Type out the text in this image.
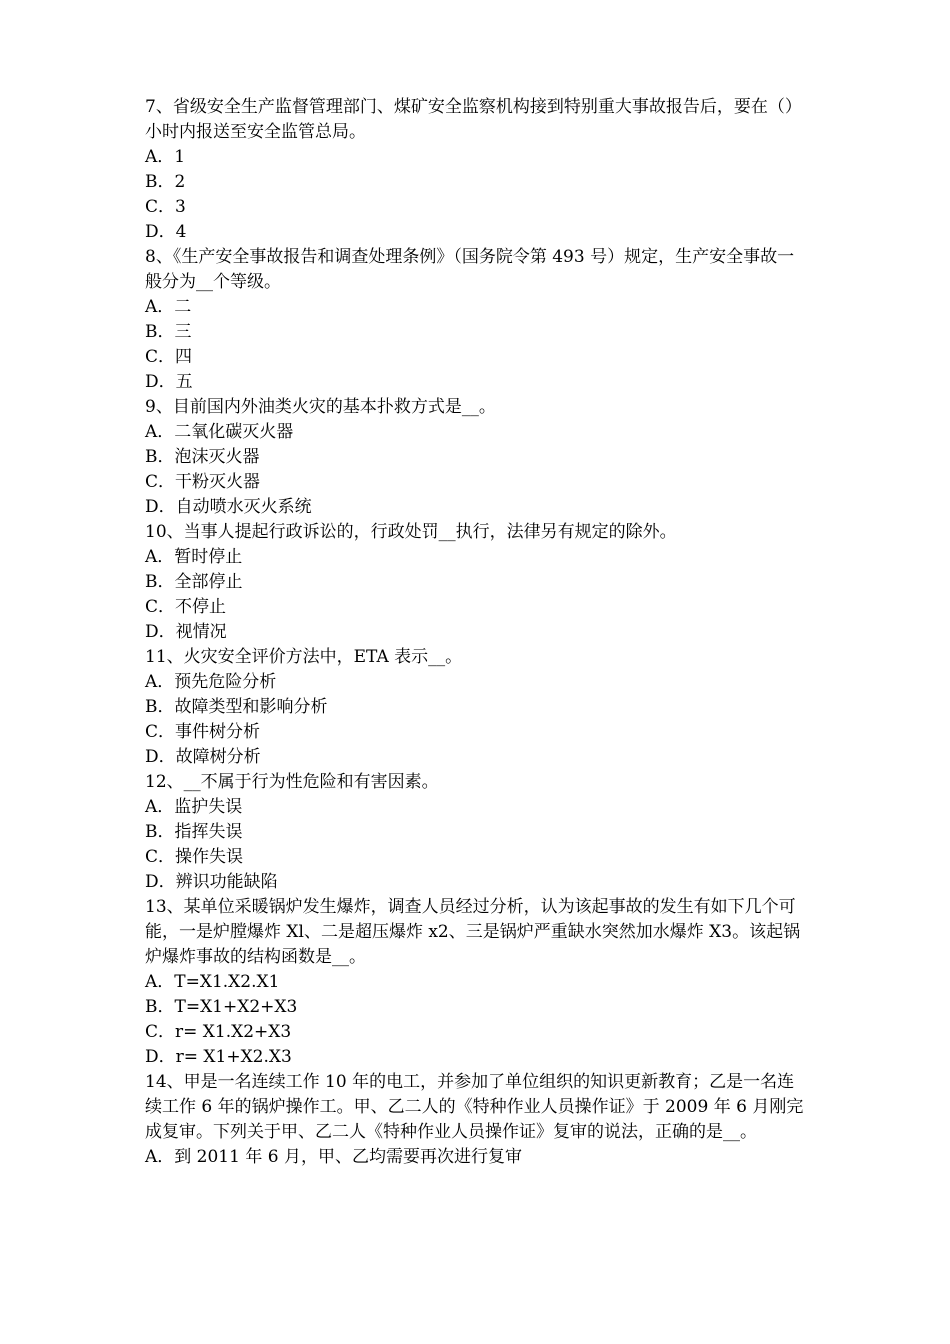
7、省级安全生产监督管理部门、煤矿安全监察机构接到特别重大事故报告后，要在（）小时内报送至安全监管总局。

A．1

B．2

C．3

D．4

8、《生产安全事故报告和调查处理条例》（国务院令第 493 号）规定，生产安全事故一般分为__个等级。

A．二

B．三

C．四

D．五

9、目前国内外油类火灾的基本扑救方式是__。

A．二氧化碳灭火器

B．泡沫灭火器

C．干粉灭火器

D．自动喷水灭火系统

10、当事人提起行政诉讼的，行政处罚__执行，法律另有规定的除外。

A．暂时停止

B．全部停止

C．不停止

D．视情况

11、火灾安全评价方法中，ETA 表示__。

A．预先危险分析

B．故障类型和影响分析

C．事件树分析

D．故障树分析

12、__不属于行为性危险和有害因素。

A．监护失误

B．指挥失误

C．操作失误

D．辨识功能缺陷

13、某单位采暖锅炉发生爆炸，调查人员经过分析，认为该起事故的发生有如下几个可能，一是炉膛爆炸 Xl、二是超压爆炸 x2、三是锅炉严重缺水突然加水爆炸 X3。该起锅炉爆炸事故的结构函数是__。

A．T=X1.X2.X1

B．T=X1+X2+X3

C．r= X1.X2+X3

D．r= X1+X2.X3

14、甲是一名连续工作 10 年的电工，并参加了单位组织的知识更新教育；乙是一名连续工作 6 年的锅炉操作工。甲、乙二人的《特种作业人员操作证》于 2009 年 6 月刚完成复审。下列关于甲、乙二人《特种作业人员操作证》复审的说法，正确的是__。

A．到 2011 年 6 月，甲、乙均需要再次进行复审
